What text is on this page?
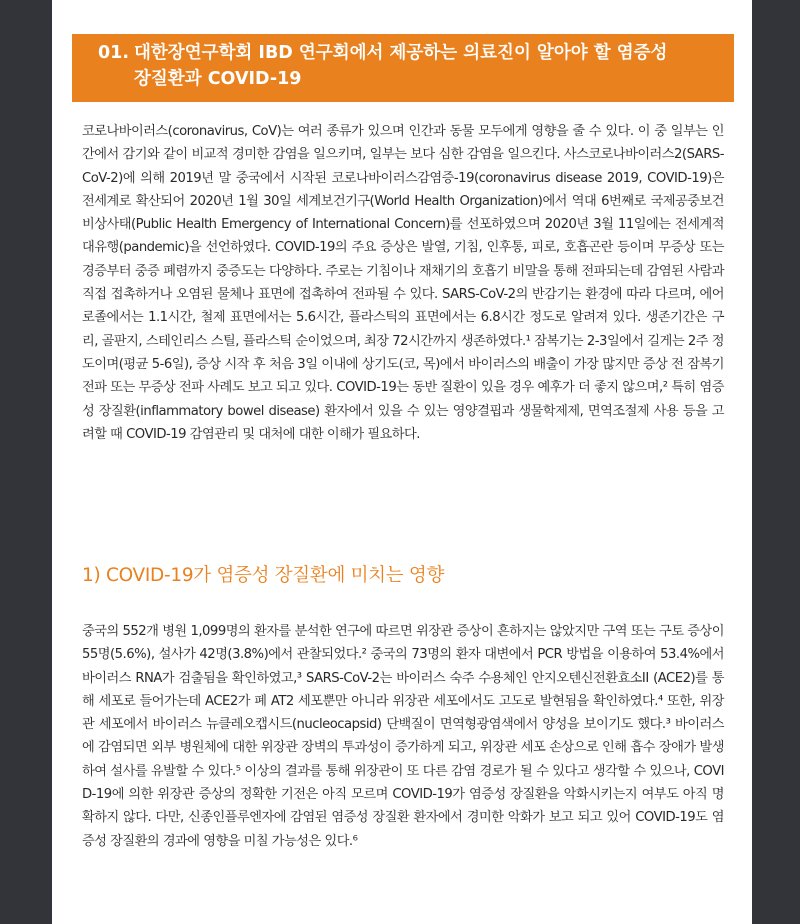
01. 대한장연구학회 IBD 연구회에서 제공하는 의료진이 알아야 할 염증성
장질환과 COVID-19

코로나바이러스(coronavirus, CoV)는 여러 종류가 있으며 인간과 동물 모두에게 영향을 줄 수 있다. 이 중 일부는 인간에서 감기와 같이 비교적 경미한 감염을 일으키며, 일부는 보다 심한 감염을 일으킨다. 사스코로나바이러스2(SARS-CoV-2)에 의해 2019년 말 중국에서 시작된 코로나바이러스감염증-19(coronavirus disease 2019, COVID-19)은 전세계로 확산되어 2020년 1월 30일 세계보건기구(World Health Organization)에서 역대 6번째로 국제공중보건비상사태(Public Health Emergency of International Concern)를 선포하였으며 2020년 3월 11일에는 전세계적 대유행(pandemic)을 선언하였다. COVID-19의 주요 증상은 발열, 기침, 인후통, 피로, 호흡곤란 등이며 무증상 또는 경증부터 중증 폐렴까지 중증도는 다양하다. 주로는 기침이나 재채기의 호흡기 비말을 통해 전파되는데 감염된 사람과 직접 접촉하거나 오염된 물체나 표면에 접촉하여 전파될 수 있다. SARS-CoV-2의 반감기는 환경에 따라 다르며, 에어로졸에서는 1.1시간, 철제 표면에서는 5.6시간, 플라스틱의 표면에서는 6.8시간 정도로 알려져 있다. 생존기간은 구리, 골판지, 스테인리스 스틸, 플라스틱 순이었으며, 최장 72시간까지 생존하였다.¹ 잠복기는 2-3일에서 길게는 2주 정도이며(평균 5-6일), 증상 시작 후 처음 3일 이내에 상기도(코, 목)에서 바이러스의 배출이 가장 많지만 증상 전 잠복기 전파 또는 무증상 전파 사례도 보고 되고 있다. COVID-19는 동반 질환이 있을 경우 예후가 더 좋지 않으며,² 특히 염증성 장질환(inflammatory bowel disease) 환자에서 있을 수 있는 영양결핍과 생물학제제, 면역조절제 사용 등을 고려할 때 COVID-19 감염관리 및 대처에 대한 이해가 필요하다.

1) COVID-19가 염증성 장질환에 미치는 영향

중국의 552개 병원 1,099명의 환자를 분석한 연구에 따르면 위장관 증상이 흔하지는 않았지만 구역 또는 구토 증상이 55명(5.6%), 설사가 42명(3.8%)에서 관찰되었다.² 중국의 73명의 환자 대변에서 PCR 방법을 이용하여 53.4%에서 바이러스 RNA가 검출됨을 확인하였고,³ SARS-CoV-2는 바이러스 숙주 수용체인 안지오텐신전환효소II (ACE2)를 통해 세포로 들어가는데 ACE2가 폐 AT2 세포뿐만 아니라 위장관 세포에서도 고도로 발현됨을 확인하였다.⁴ 또한, 위장관 세포에서 바이러스 뉴클레오캡시드(nucleocapsid) 단백질이 면역형광염색에서 양성을 보이기도 했다.³ 바이러스에 감염되면 외부 병원체에 대한 위장관 장벽의 투과성이 증가하게 되고, 위장관 세포 손상으로 인해 흡수 장애가 발생하여 설사를 유발할 수 있다.⁵ 이상의 결과를 통해 위장관이 또 다른 감염 경로가 될 수 있다고 생각할 수 있으나, COVID-19에 의한 위장관 증상의 정확한 기전은 아직 모르며 COVID-19가 염증성 장질환을 악화시키는지 여부도 아직 명확하지 않다. 다만, 신종인플루엔자에 감염된 염증성 장질환 환자에서 경미한 악화가 보고 되고 있어 COVID-19도 염증성 장질환의 경과에 영향을 미칠 가능성은 있다.⁶
